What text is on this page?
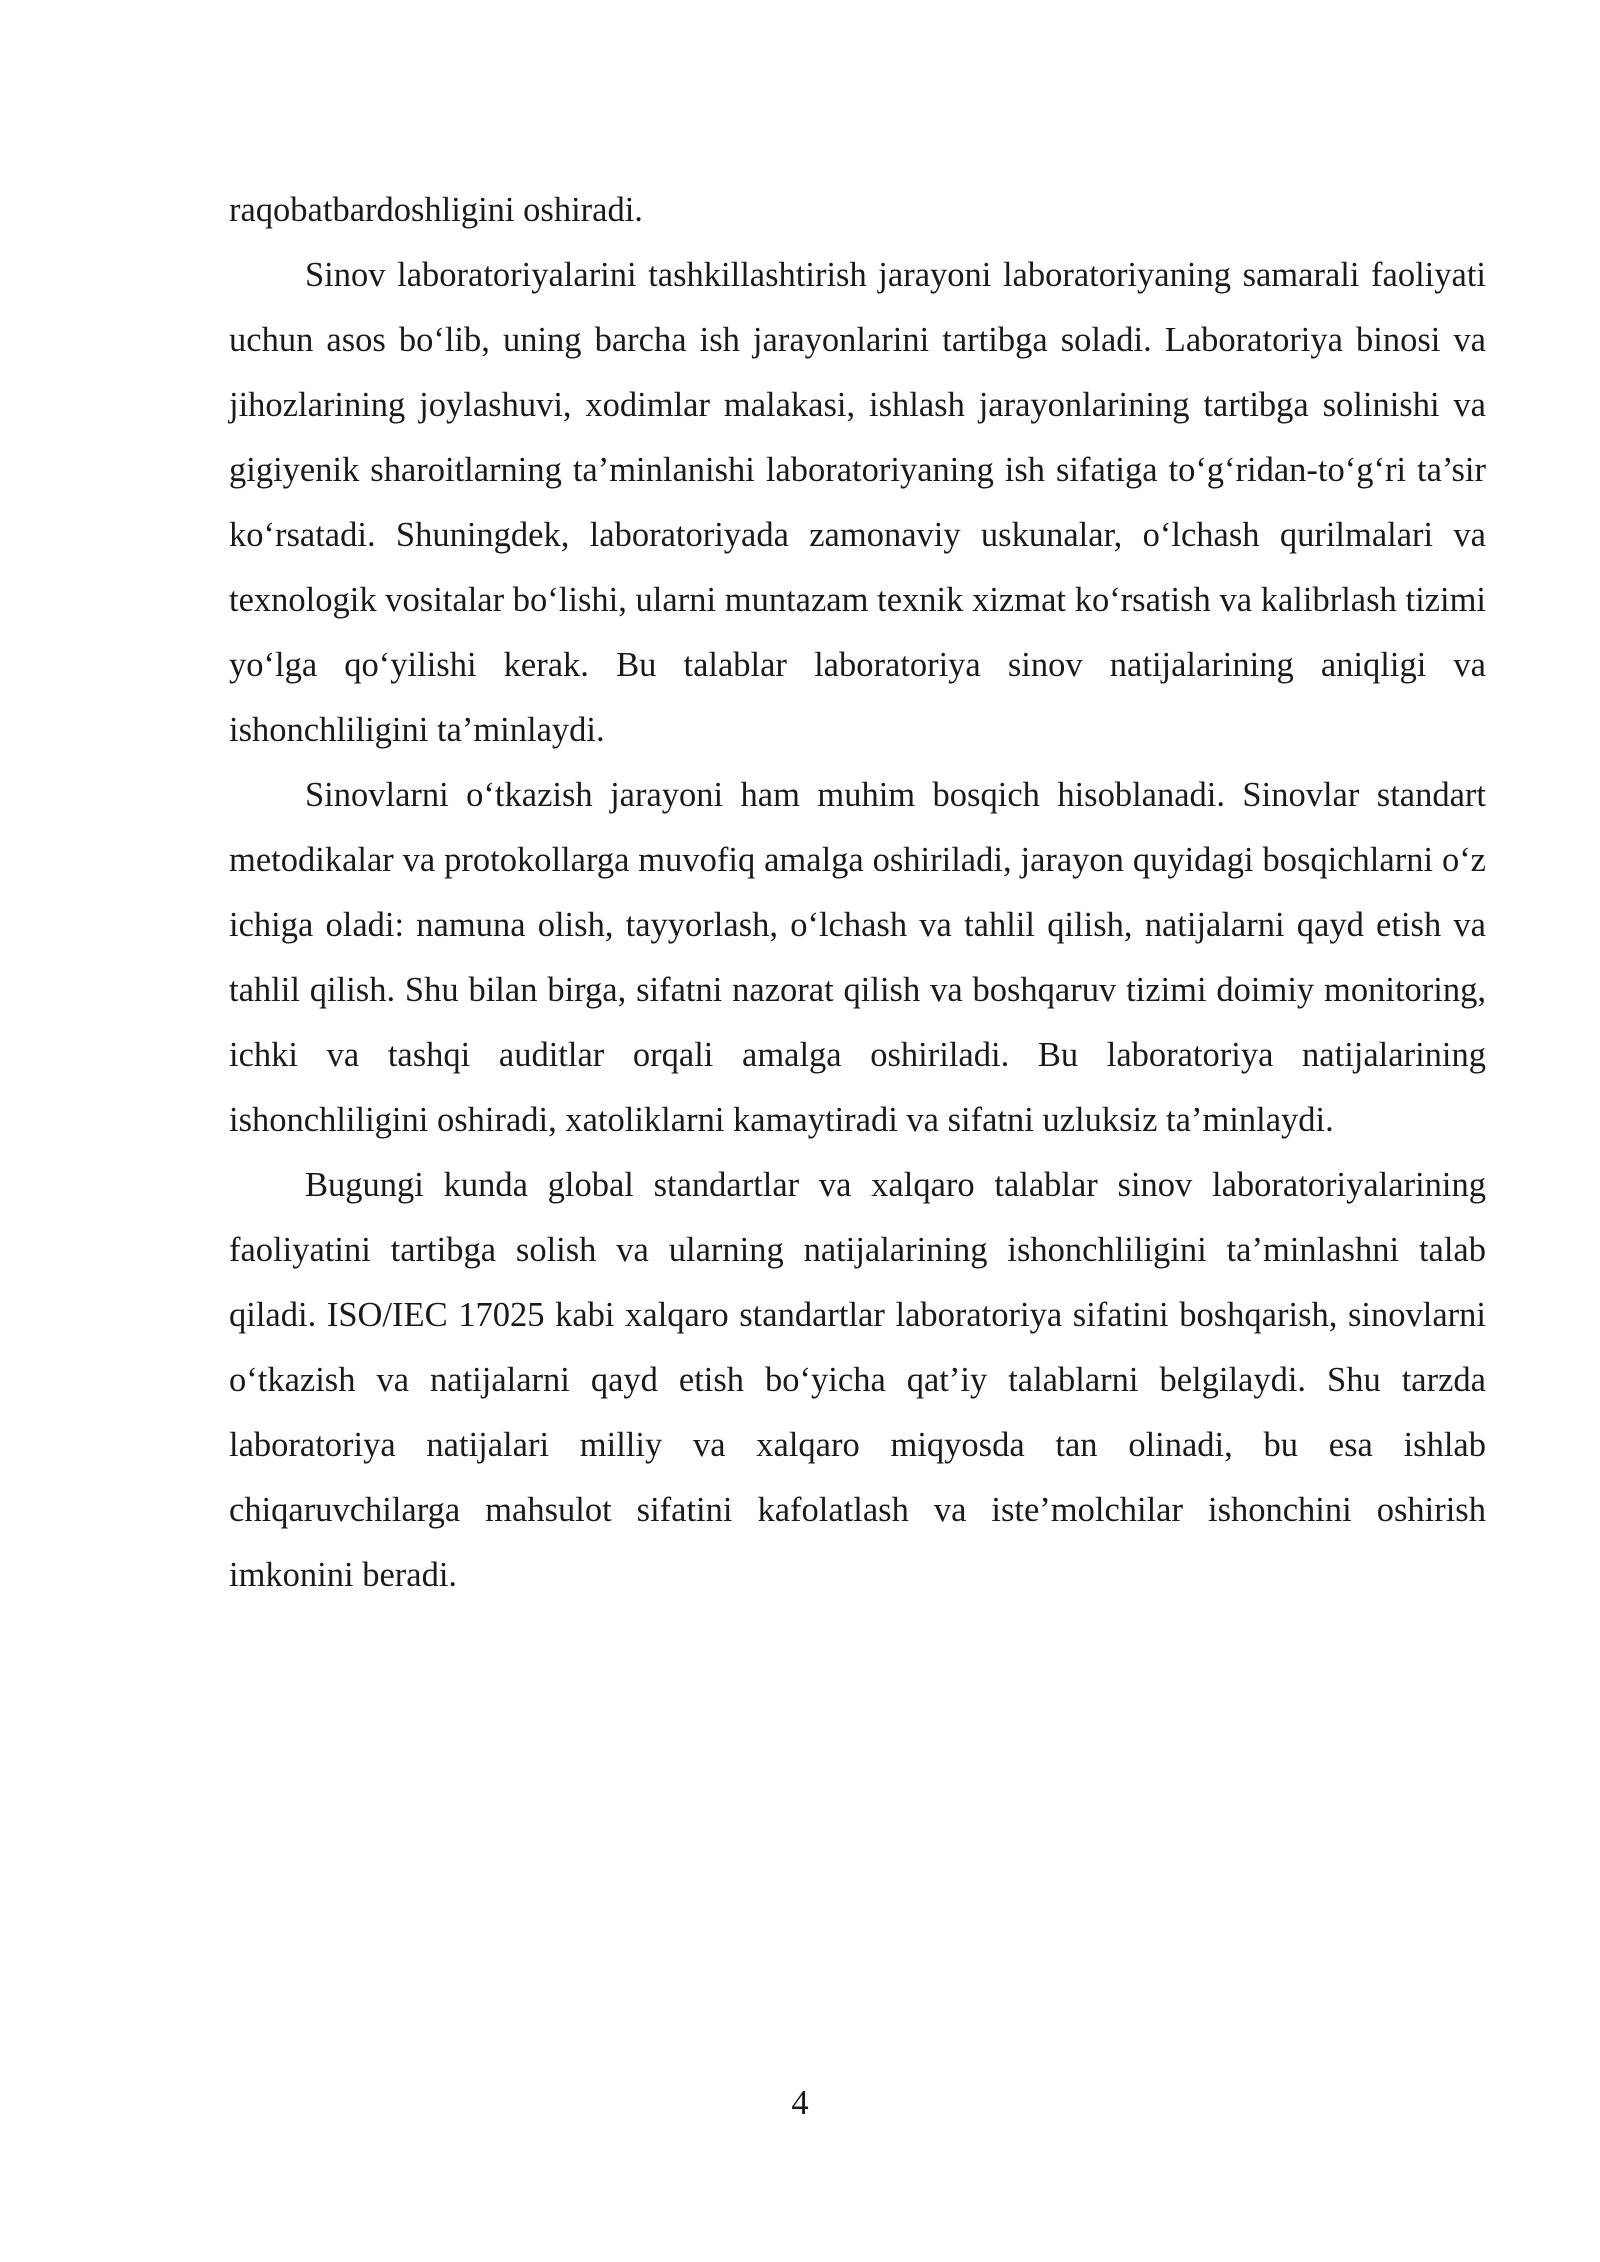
raqobatbardoshligini oshiradi.

Sinov laboratoriyalarini tashkillashtirish jarayoni laboratoriyaning samarali faoliyati uchun asos bo‘lib, uning barcha ish jarayonlarini tartibga soladi. Laboratoriya binosi va jihozlarining joylashuvi, xodimlar malakasi, ishlash jarayonlarining tartibga solinishi va gigiyenik sharoitlarning ta’minlanishi laboratoriyaning ish sifatiga to‘g‘ridan-to‘g‘ri ta’sir ko‘rsatadi. Shuningdek, laboratoriyada zamonaviy uskunalar, o‘lchash qurilmalari va texnologik vositalar bo‘lishi, ularni muntazam texnik xizmat ko‘rsatish va kalibrlash tizimi yo‘lga qo‘yilishi kerak. Bu talablar laboratoriya sinov natijalarining aniqligi va ishonchliligini ta’minlaydi.

Sinovlarni o‘tkazish jarayoni ham muhim bosqich hisoblanadi. Sinovlar standart metodikalar va protokollarga muvofiq amalga oshiriladi, jarayon quyidagi bosqichlarni o‘z ichiga oladi: namuna olish, tayyorlash, o‘lchash va tahlil qilish, natijalarni qayd etish va tahlil qilish. Shu bilan birga, sifatni nazorat qilish va boshqaruv tizimi doimiy monitoring, ichki va tashqi auditlar orqali amalga oshiriladi. Bu laboratoriya natijalarining ishonchliligini oshiradi, xatoliklarni kamaytiradi va sifatni uzluksiz ta’minlaydi.

Bugungi kunda global standartlar va xalqaro talablar sinov laboratoriyalarining faoliyatini tartibga solish va ularning natijalarining ishonchliligini ta’minlashni talab qiladi. ISO/IEC 17025 kabi xalqaro standartlar laboratoriya sifatini boshqarish, sinovlarni o‘tkazish va natijalarni qayd etish bo‘yicha qat’iy talablarni belgilaydi. Shu tarzda laboratoriya natijalari milliy va xalqaro miqyosda tan olinadi, bu esa ishlab chiqaruvchilarga mahsulot sifatini kafolatlash va iste’molchilar ishonchini oshirish imkonini beradi.

4
